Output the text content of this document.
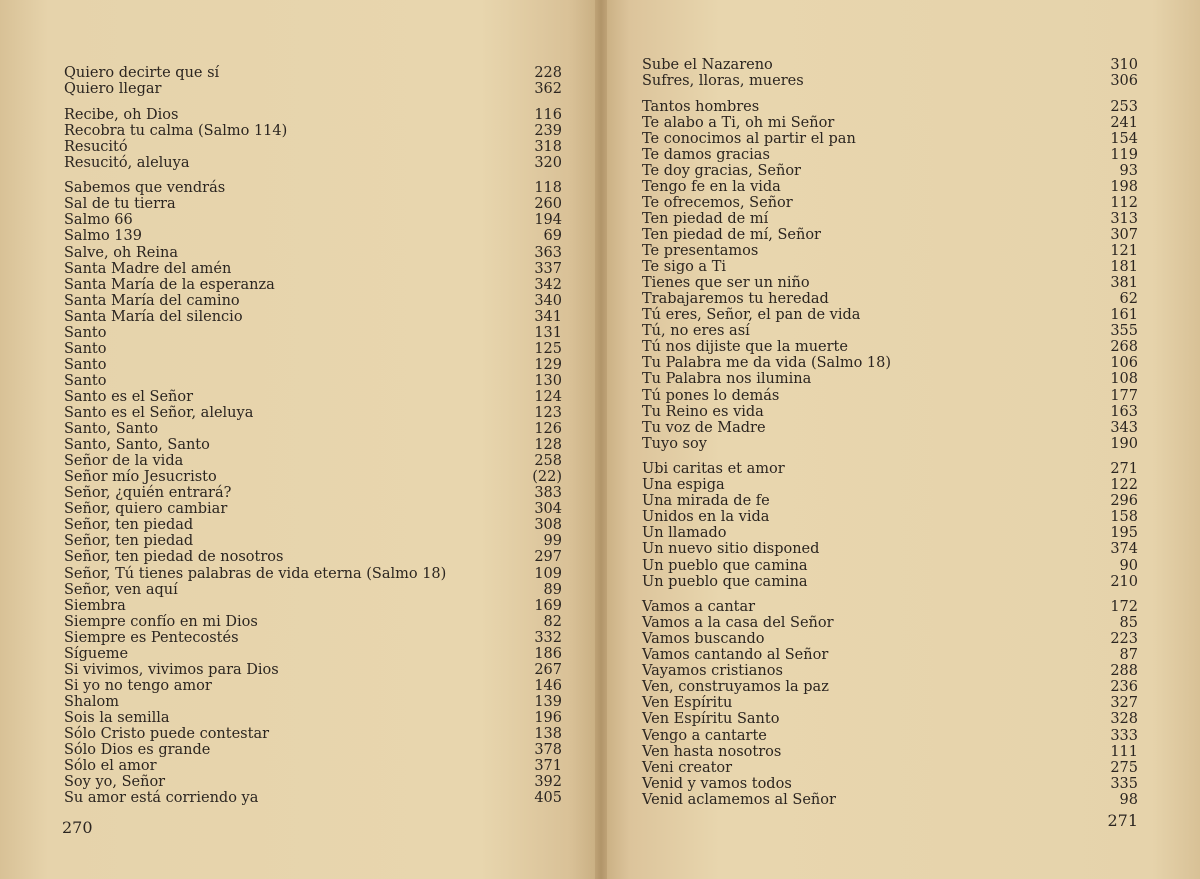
Quiero decirte que sí	228
Quiero llegar	362
Recibe, oh Dios	116
Recobra tu calma (Salmo 114)	239
Resucitó	318
Resucitó, aleluya	320
Sabemos que vendrás	118
Sal de tu tierra	260
Salmo 66	194
Salmo 139	69
Salve, oh Reina	363
Santa Madre del amén	337
Santa María de la esperanza	342
Santa María del camino	340
Santa María del silencio	341
Santo	131
Santo	125
Santo	129
Santo	130
Santo es el Señor	124
Santo es el Señor, aleluya	123
Santo, Santo	126
Santo, Santo, Santo	128
Señor de la vida	258
Señor mío Jesucristo	(22)
Señor, ¿quién entrará?	383
Señor, quiero cambiar	304
Señor, ten piedad	308
Señor, ten piedad	99
Señor, ten piedad de nosotros	297
Señor, Tú tienes palabras de vida eterna (Salmo 18)	109
Señor, ven aquí	89
Siembra	169
Siempre confío en mi Dios	82
Siempre es Pentecostés	332
Sígueme	186
Si vivimos, vivimos para Dios	267
Si yo no tengo amor	146
Shalom	139
Sois la semilla	196
Sólo Cristo puede contestar	138
Sólo Dios es grande	378
Sólo el amor	371
Soy yo, Señor	392
Su amor está corriendo ya	405
270
Sube el Nazareno	310
Sufres, lloras, mueres	306
Tantos hombres	253
Te alabo a Ti, oh mi Señor	241
Te conocimos al partir el pan	154
Te damos gracias	119
Te doy gracias, Señor	93
Tengo fe en la vida	198
Te ofrecemos, Señor	112
Ten piedad de mí	313
Ten piedad de mí, Señor	307
Te presentamos	121
Te sigo a Ti	181
Tienes que ser un niño	381
Trabajaremos tu heredad	62
Tú eres, Señor, el pan de vida	161
Tú, no eres así	355
Tú nos dijiste que la muerte	268
Tu Palabra me da vida (Salmo 18)	106
Tu Palabra nos ilumina	108
Tú pones lo demás	177
Tu Reino es vida	163
Tu voz de Madre	343
Tuyo soy	190
Ubi caritas et amor	271
Una espiga	122
Una mirada de fe	296
Unidos en la vida	158
Un llamado	195
Un nuevo sitio disponed	374
Un pueblo que camina	90
Un pueblo que camina	210
Vamos a cantar	172
Vamos a la casa del Señor	85
Vamos buscando	223
Vamos cantando al Señor	87
Vayamos cristianos	288
Ven, construyamos la paz	236
Ven Espíritu	327
Ven Espíritu Santo	328
Vengo a cantarte	333
Ven hasta nosotros	111
Veni creator	275
Venid y vamos todos	335
Venid aclamemos al Señor	98
271
